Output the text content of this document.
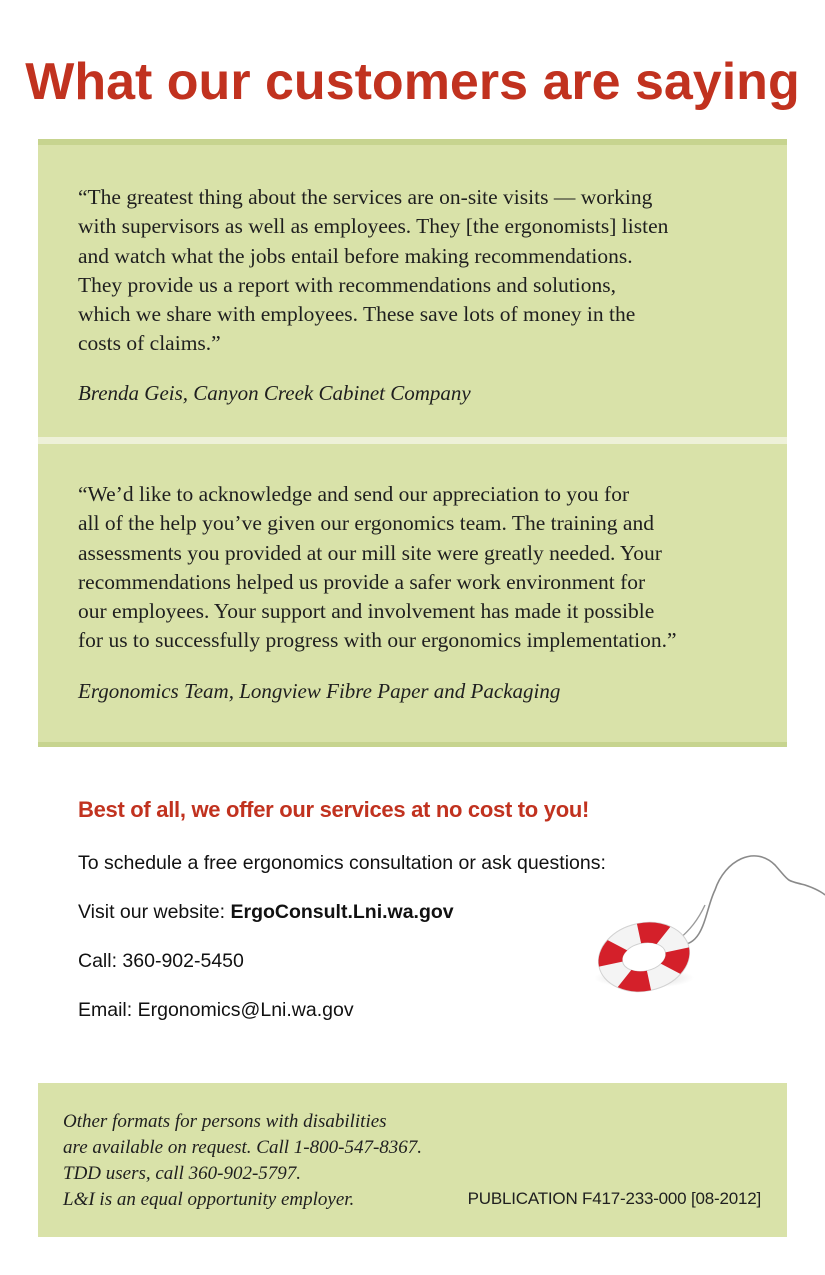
What our customers are saying

“The greatest thing about the services are on-site visits — working
with supervisors as well as employees. They [the ergonomists] listen
and watch what the jobs entail before making recommendations.
They provide us a report with recommendations and solutions,
which we share with employees. These save lots of money in the
costs of claims.”

Brenda Geis, Canyon Creek Cabinet Company

“We’d like to acknowledge and send our appreciation to you for
all of the help you’ve given our ergonomics team. The training and
assessments you provided at our mill site were greatly needed. Your
recommendations helped us provide a safer work environment for
our employees. Your support and involvement has made it possible
for us to successfully progress with our ergonomics implementation.”

Ergonomics Team, Longview Fibre Paper and Packaging

Best of all, we offer our services at no cost to you!

To schedule a free ergonomics consultation or ask questions:

Visit our website: ErgoConsult.Lni.wa.gov

Call: 360-902-5450

Email: Ergonomics@Lni.wa.gov

Other formats for persons with disabilities
are available on request. Call 1-800-547-8367.
TDD users, call 360-902-5797.
L&I is an equal opportunity employer.	PUBLICATION F417-233-000 [08-2012]
